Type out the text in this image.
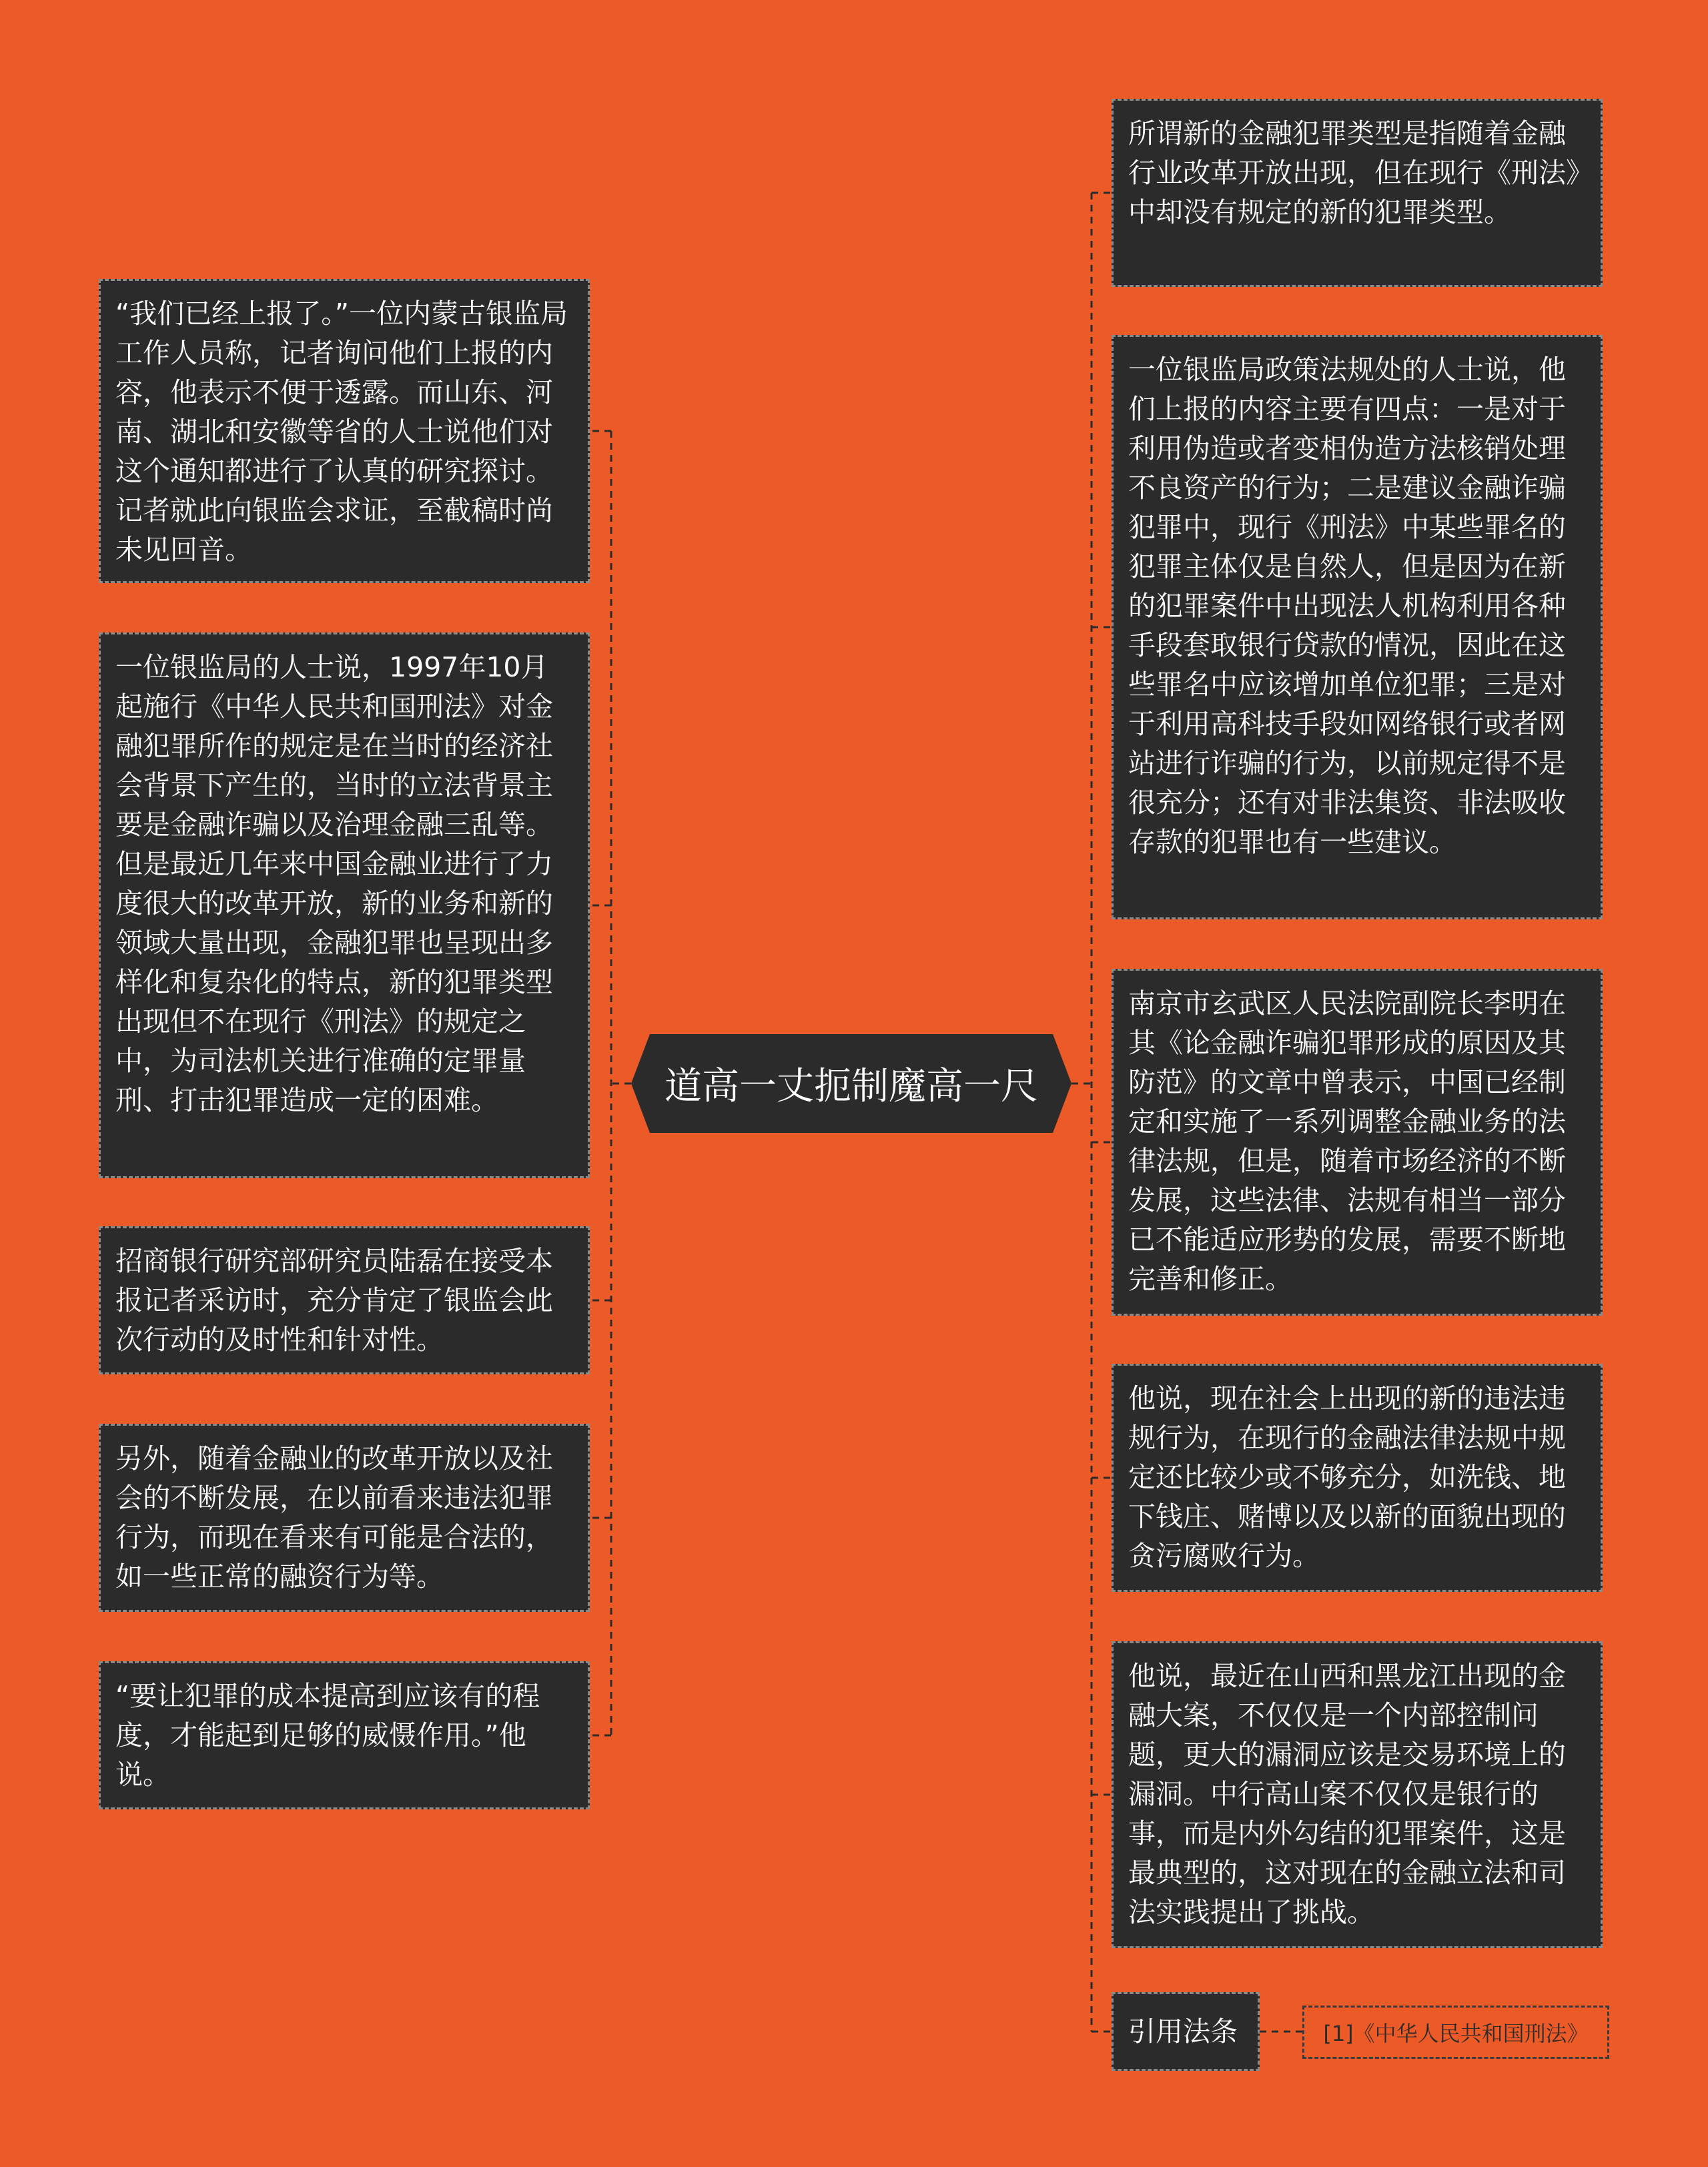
道高一丈扼制魔高一尺
“我们已经上报了。”一位内蒙古银监局工作人员称，记者询问他们上报的内容，他表示不便于透露。而山东、河南、湖北和安徽等省的人士说他们对这个通知都进行了认真的研究探讨。记者就此向银监会求证，至截稿时尚未见回音。
一位银监局的人士说，1997年10月起施行《中华人民共和国刑法》对金融犯罪所作的规定是在当时的经济社会背景下产生的，当时的立法背景主要是金融诈骗以及治理金融三乱等。但是最近几年来中国金融业进行了力度很大的改革开放，新的业务和新的领域大量出现，金融犯罪也呈现出多样化和复杂化的特点，新的犯罪类型出现但不在现行《刑法》的规定之中，为司法机关进行准确的定罪量刑、打击犯罪造成一定的困难。
招商银行研究部研究员陆磊在接受本报记者采访时，充分肯定了银监会此次行动的及时性和针对性。
另外，随着金融业的改革开放以及社会的不断发展，在以前看来违法犯罪行为，而现在看来有可能是合法的，如一些正常的融资行为等。
“要让犯罪的成本提高到应该有的程度，才能起到足够的威慑作用。”他说。
所谓新的金融犯罪类型是指随着金融行业改革开放出现，但在现行《刑法》中却没有规定的新的犯罪类型。
一位银监局政策法规处的人士说，他们上报的内容主要有四点：一是对于利用伪造或者变相伪造方法核销处理不良资产的行为；二是建议金融诈骗犯罪中，现行《刑法》中某些罪名的犯罪主体仅是自然人，但是因为在新的犯罪案件中出现法人机构利用各种手段套取银行贷款的情况，因此在这些罪名中应该增加单位犯罪；三是对于利用高科技手段如网络银行或者网站进行诈骗的行为，以前规定得不是很充分；还有对非法集资、非法吸收存款的犯罪也有一些建议。
南京市玄武区人民法院副院长李明在其《论金融诈骗犯罪形成的原因及其防范》的文章中曾表示，中国已经制定和实施了一系列调整金融业务的法律法规，但是，随着市场经济的不断发展，这些法律、法规有相当一部分已不能适应形势的发展，需要不断地完善和修正。
他说，现在社会上出现的新的违法违规行为，在现行的金融法律法规中规定还比较少或不够充分，如洗钱、地下钱庄、赌博以及以新的面貌出现的贪污腐败行为。
他说，最近在山西和黑龙江出现的金融大案，不仅仅是一个内部控制问题，更大的漏洞应该是交易环境上的漏洞。中行高山案不仅仅是银行的事，而是内外勾结的犯罪案件，这是最典型的，这对现在的金融立法和司法实践提出了挑战。
引用法条	[1]《中华人民共和国刑法》
